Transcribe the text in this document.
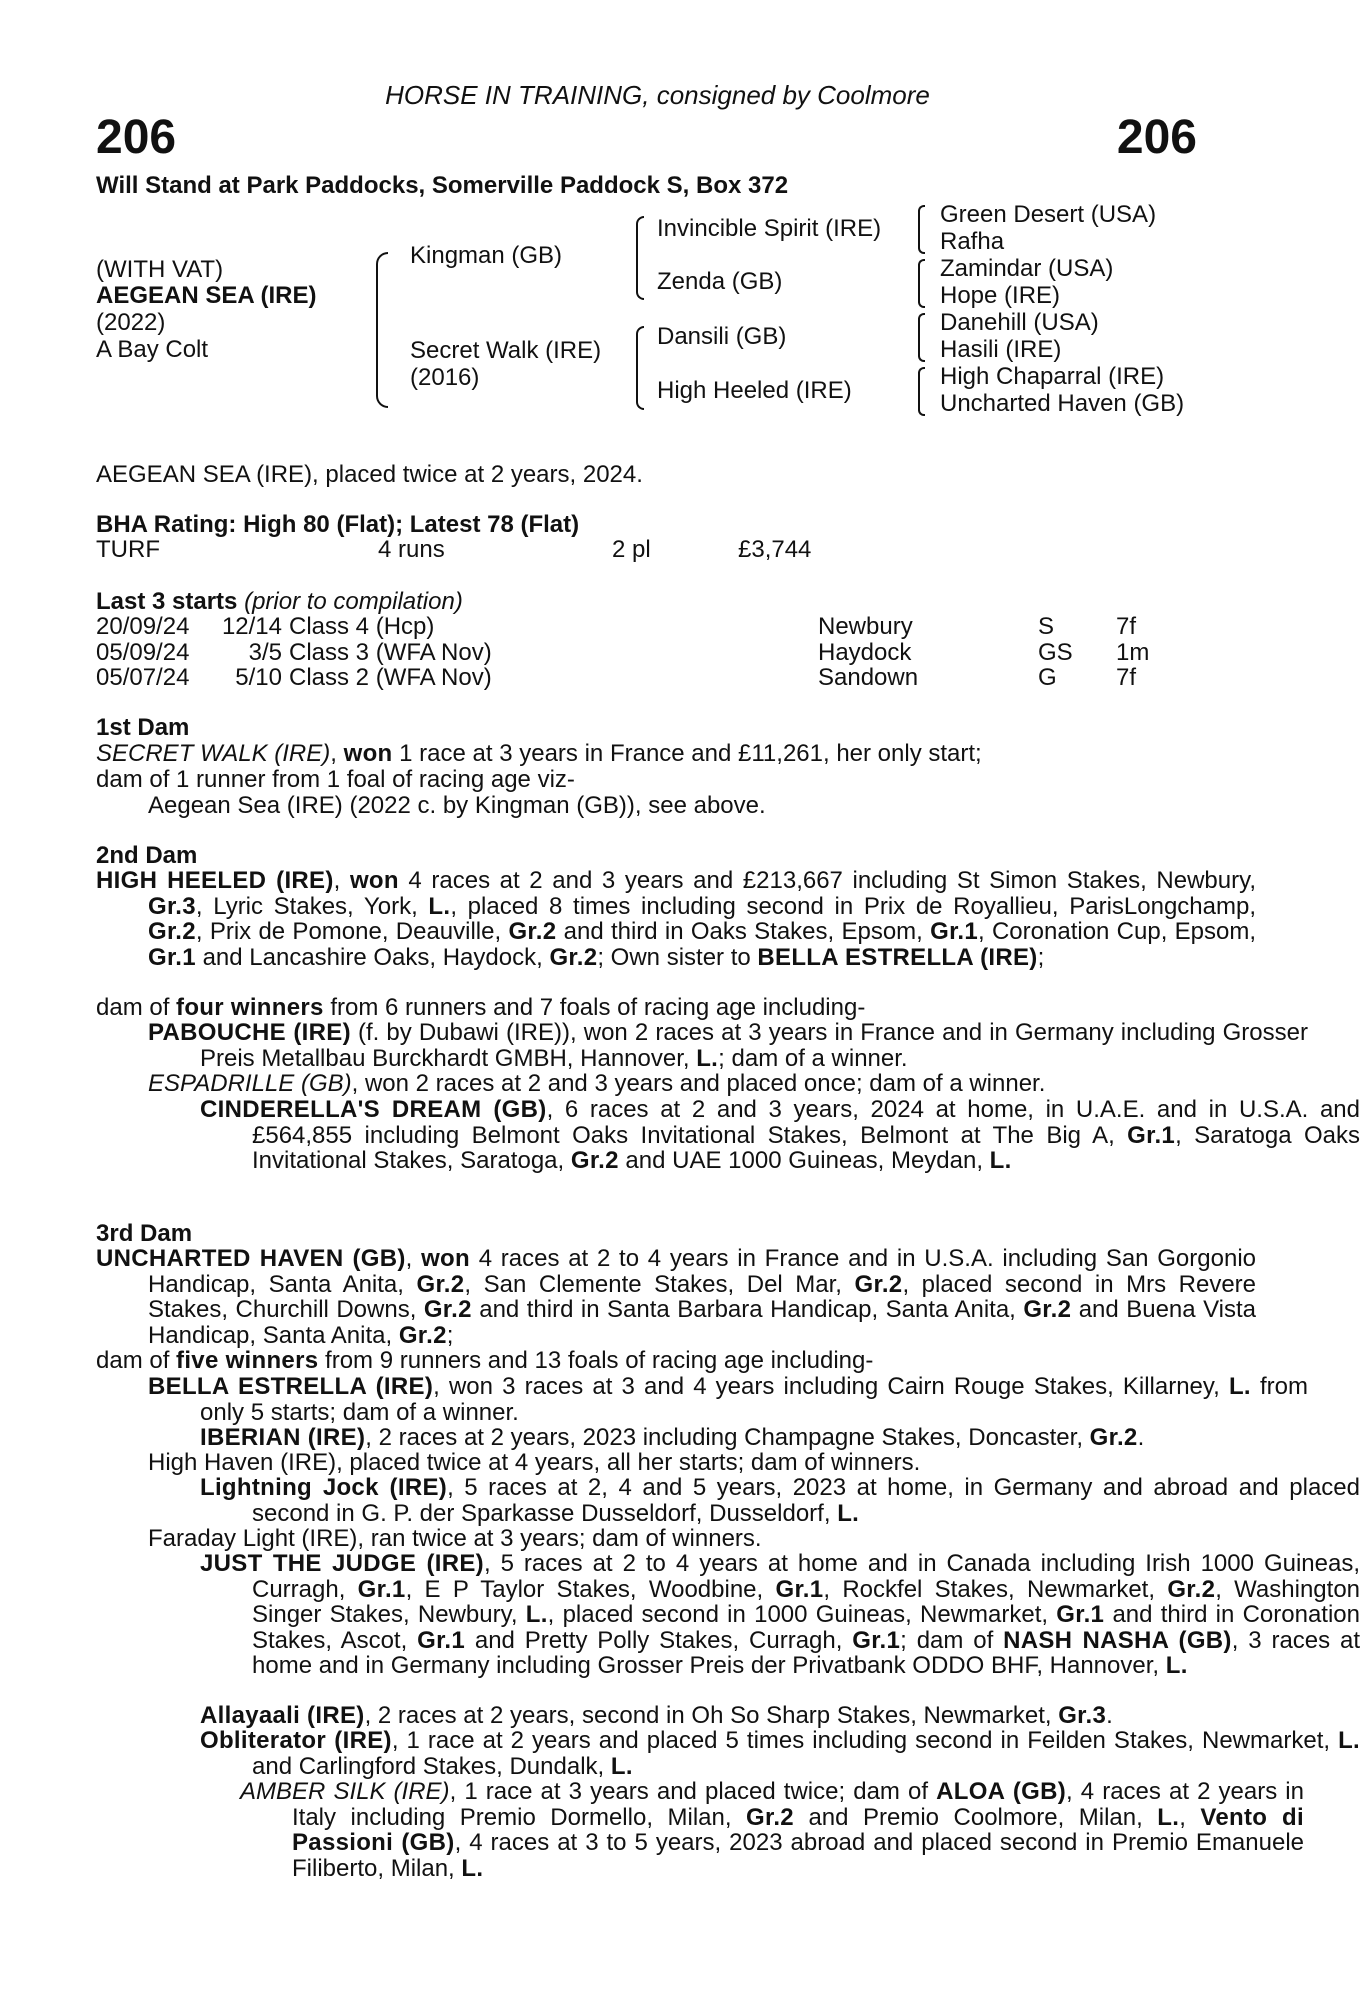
HORSE IN TRAINING, consigned by Coolmore
206	206
Will Stand at Park Paddocks, Somerville Paddock S, Box 372
(WITH VAT)
AEGEAN SEA (IRE)
(2022)
A Bay Colt
Kingman (GB)
Secret Walk (IRE)
(2016)
Invincible Spirit (IRE)
Zenda (GB)
Dansili (GB)
High Heeled (IRE)
Green Desert (USA)
Rafha
Zamindar (USA)
Hope (IRE)
Danehill (USA)
Hasili (IRE)
High Chaparral (IRE)
Uncharted Haven (GB)
AEGEAN SEA (IRE), placed twice at 2 years, 2024.
BHA Rating: High 80 (Flat); Latest 78 (Flat)
TURF	4 runs	2 pl	£3,744
Last 3 starts (prior to compilation)
20/09/24	12/14 Class 4 (Hcp)	Newbury	S	7f
05/09/24	3/5 Class 3 (WFA Nov)	Haydock	GS 1m
05/07/24	5/10 Class 2 (WFA Nov)	Sandown	G 7f
1st Dam
SECRET WALK (IRE), won 1 race at 3 years in France and £11,261, her only start;
dam of 1 runner from 1 foal of racing age viz-
Aegean Sea (IRE) (2022 c. by Kingman (GB)), see above.
2nd Dam
HIGH HEELED (IRE), won 4 races at 2 and 3 years and £213,667 including St Simon Stakes, Newbury, Gr.3, Lyric Stakes, York, L., placed 8 times including second in Prix de Royallieu, ParisLongchamp, Gr.2, Prix de Pomone, Deauville, Gr.2 and third in Oaks Stakes, Epsom, Gr.1, Coronation Cup, Epsom, Gr.1 and Lancashire Oaks, Haydock, Gr.2; Own sister to BELLA ESTRELLA (IRE);
dam of four winners from 6 runners and 7 foals of racing age including-
PABOUCHE (IRE) (f. by Dubawi (IRE)), won 2 races at 3 years in France and in Germany including Grosser Preis Metallbau Burckhardt GMBH, Hannover, L.; dam of a winner.
ESPADRILLE (GB), won 2 races at 2 and 3 years and placed once; dam of a winner.
CINDERELLA'S DREAM (GB), 6 races at 2 and 3 years, 2024 at home, in U.A.E. and in U.S.A. and £564,855 including Belmont Oaks Invitational Stakes, Belmont at The Big A, Gr.1, Saratoga Oaks Invitational Stakes, Saratoga, Gr.2 and UAE 1000 Guineas, Meydan, L.
3rd Dam
UNCHARTED HAVEN (GB), won 4 races at 2 to 4 years in France and in U.S.A. including San Gorgonio Handicap, Santa Anita, Gr.2, San Clemente Stakes, Del Mar, Gr.2, placed second in Mrs Revere Stakes, Churchill Downs, Gr.2 and third in Santa Barbara Handicap, Santa Anita, Gr.2 and Buena Vista Handicap, Santa Anita, Gr.2;
dam of five winners from 9 runners and 13 foals of racing age including-
BELLA ESTRELLA (IRE), won 3 races at 3 and 4 years including Cairn Rouge Stakes, Killarney, L. from only 5 starts; dam of a winner.
IBERIAN (IRE), 2 races at 2 years, 2023 including Champagne Stakes, Doncaster, Gr.2.
High Haven (IRE), placed twice at 4 years, all her starts; dam of winners.
Lightning Jock (IRE), 5 races at 2, 4 and 5 years, 2023 at home, in Germany and abroad and placed second in G. P. der Sparkasse Dusseldorf, Dusseldorf, L.
Faraday Light (IRE), ran twice at 3 years; dam of winners.
JUST THE JUDGE (IRE), 5 races at 2 to 4 years at home and in Canada including Irish 1000 Guineas, Curragh, Gr.1, E P Taylor Stakes, Woodbine, Gr.1, Rockfel Stakes, Newmarket, Gr.2, Washington Singer Stakes, Newbury, L., placed second in 1000 Guineas, Newmarket, Gr.1 and third in Coronation Stakes, Ascot, Gr.1 and Pretty Polly Stakes, Curragh, Gr.1; dam of NASH NASHA (GB), 3 races at home and in Germany including Grosser Preis der Privatbank ODDO BHF, Hannover, L.
Allayaali (IRE), 2 races at 2 years, second in Oh So Sharp Stakes, Newmarket, Gr.3.
Obliterator (IRE), 1 race at 2 years and placed 5 times including second in Feilden Stakes, Newmarket, L. and Carlingford Stakes, Dundalk, L.
AMBER SILK (IRE), 1 race at 3 years and placed twice; dam of ALOA (GB), 4 races at 2 years in Italy including Premio Dormello, Milan, Gr.2 and Premio Coolmore, Milan, L., Vento di Passioni (GB), 4 races at 3 to 5 years, 2023 abroad and placed second in Premio Emanuele Filiberto, Milan, L.
